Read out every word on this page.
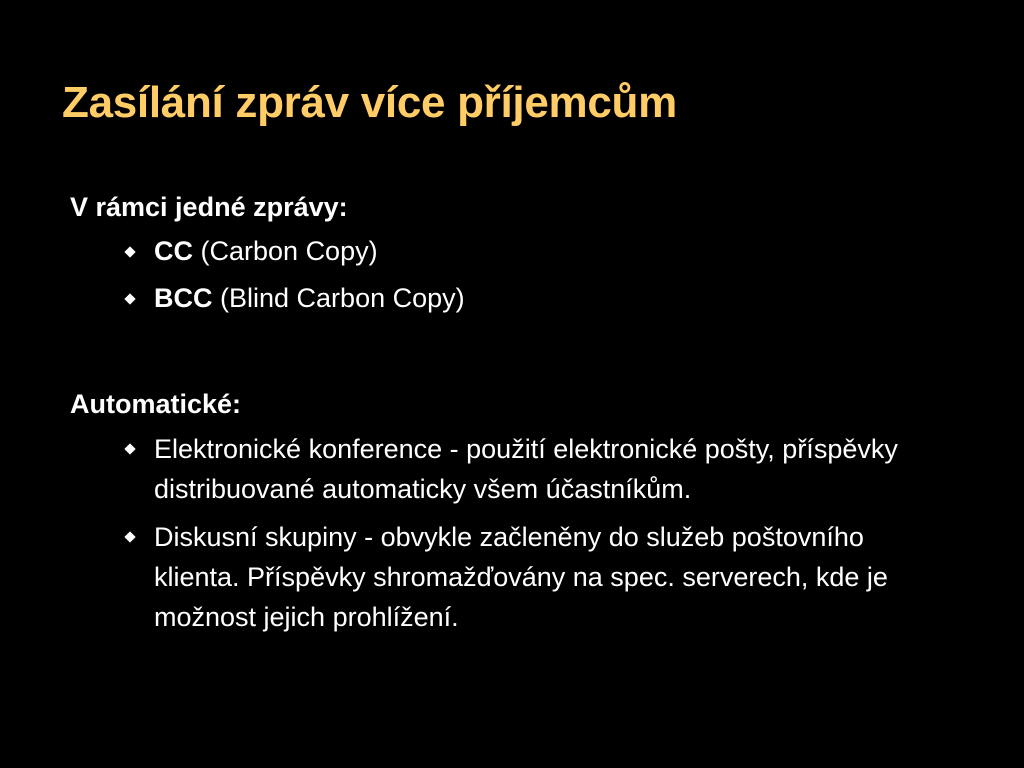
Zasílání zpráv více příjemcům

V rámci jedné zprávy:

CC (Carbon Copy)
BCC (Blind Carbon Copy)

Automatické:

Elektronické konference - použití elektronické pošty, příspěvky distribuované automaticky všem účastníkům.
Diskusní skupiny - obvykle začleněny do služeb poštovního klienta. Příspěvky shromažďovány na spec. serverech, kde je možnost jejich prohlížení.
